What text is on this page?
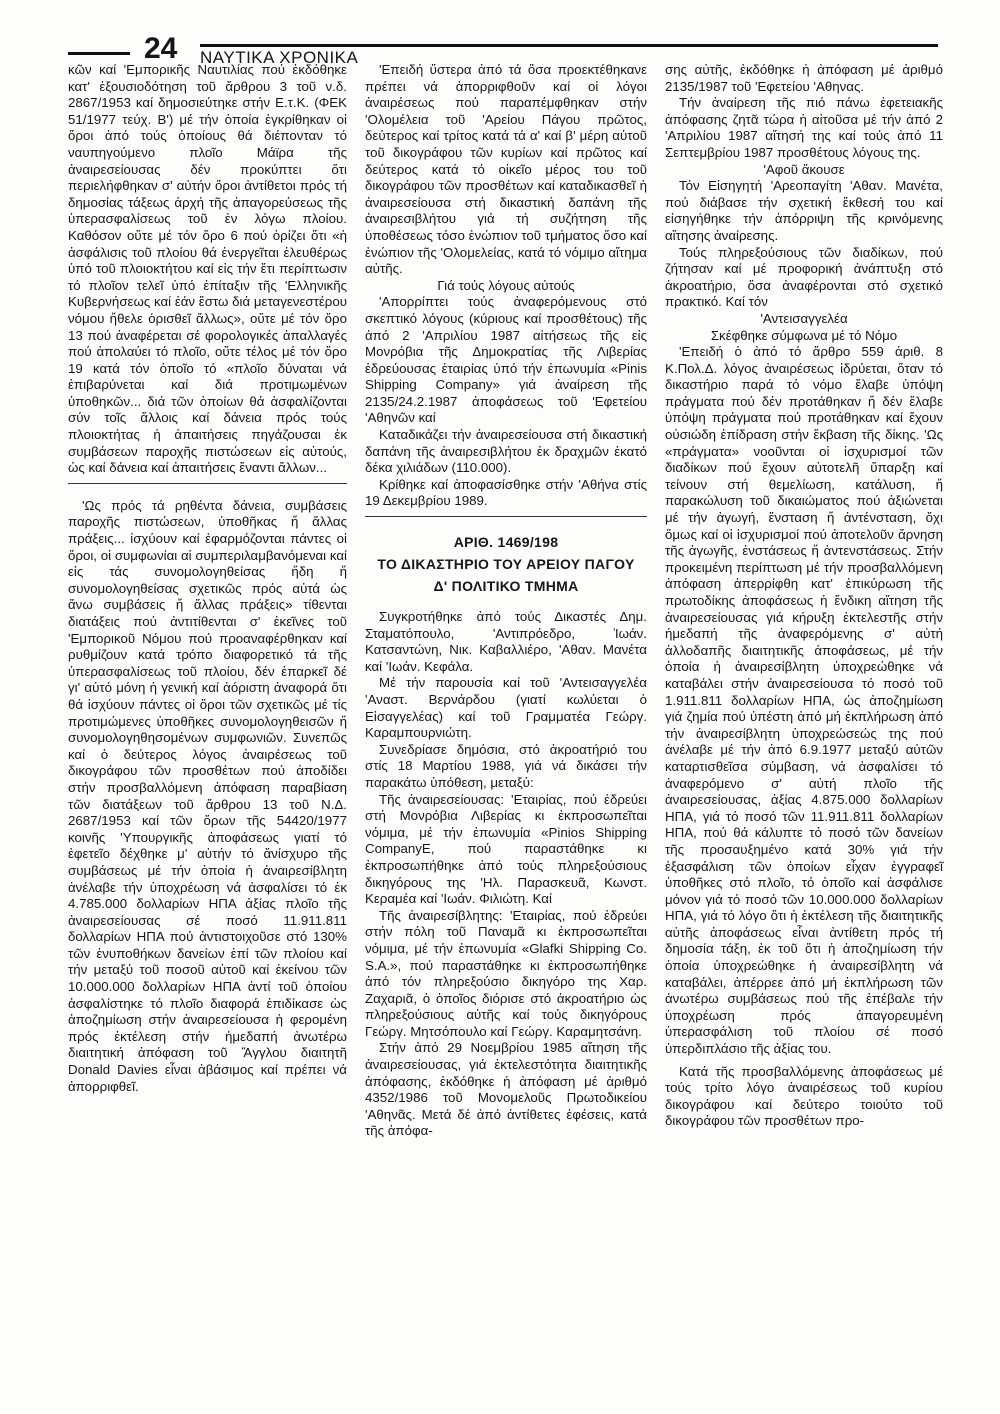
24 ΝΑΥΤΙΚΑ ΧΡΟΝΙΚΑ

κῶν καί 'Εμπορικῆς Ναυτιλίας πού ἐκδόθηκε κατ' ἐξουσιοδότηση τοῦ ἄρθρου 3 τοῦ ν.δ. 2867/1953 καί δημοσιεύτηκε στήν Ε.τ.Κ. (ΦΕΚ 51/1977 τεύχ. Β') μέ τήν ὁποία ἐγκρίθηκαν οἱ ὅροι ἀπό τούς ὁποίους θά διέπονταν τό ναυπηγούμενο πλοῖο Μάϊρα τῆς ἀναιρεσείουσας δέν προκύπτει ὅτι περιελήφθηκαν σ' αὐτήν ὅροι ἀντίθετοι πρός τή δημοσίας τάξεως ἀρχή τῆς ἀπαγορεύσεως τῆς ὑπερασφαλίσεως τοῦ ἐν λόγω πλοίου. Καθόσον οὔτε μέ τόν ὅρο 6 πού ὁρίζει ὅτι «ἡ ἀσφάλισις τοῦ πλοίου θά ἐνεργεῖται ἐλευθέρως ὑπό τοῦ πλοιοκτήτου καί εἰς τήν ἔτι περίπτωσιν τό πλοῖον τελεῖ ὑπό ἐπίταξιν τῆς 'Ελληνικῆς Κυβερνήσεως καί ἐάν ἔστω διά μεταγενεστέρου νόμου ἤθελε ὁρισθεῖ ἄλλως», οὔτε μέ τόν ὅρο 13 πού ἀναφέρεται σέ φορολογικές ἀπαλλαγές πού ἀπολαύει τό πλοῖο, οὔτε τέλος μέ τόν ὅρο 19 κατά τόν ὁποῖο τό «πλοῖο δύναται νά ἐπιβαρύνεται καί διά προτιμωμένων ὑποθηκῶν... διά τῶν ὁποίων θά ἀσφαλίζονται σύν τοῖς ἄλλοις καί δάνεια πρός τούς πλοιοκτήτας ἡ ἀπαιτήσεις πηγάζουσαι ἐκ συμβάσεων παροχῆς πιστώσεων εἰς αὐτούς, ὡς καί δάνεια καί ἀπαιτήσεις ἔναντι ἄλλων...

'Ως πρός τά ρηθέντα δάνεια, συμβάσεις παροχῆς πιστώσεων, ὑποθῆκας ἤ ἄλλας πράξεις... ἰσχύουν καί ἐφαρμόζονται πάντες οἱ ὅροι, οἱ συμφωνίαι αἱ συμπεριλαμβανόμεναι καί εἰς τάς συνομολογηθείσας ἤδη ἤ συνομολογηθείσας σχετικῶς πρός αὐτά ὡς ἄνω συμβάσεις ἤ ἄλλας πράξεις» τίθενται διατάξεις πού ἀντιτίθενται σ' ἐκεῖνες τοῦ 'Εμπορικοῦ Νόμου πού προαναφέρθηκαν καί ρυθμίζουν κατά τρόπο διαφορετικό τά τῆς ὑπερασφαλίσεως τοῦ πλοίου, δέν ἐπαρκεῖ δέ γι' αὐτό μόνη ἡ γενική καί ἀόριστη ἀναφορά ὅτι θά ἰσχύουν πάντες οἱ ὅροι τῶν σχετικῶς μέ τίς προτιμώμενες ὑποθῆκες συνομολογηθεισῶν ἤ συνομολογηθησομένων συμφωνιῶν. Συνεπῶς καί ὁ δεύτερος λόγος ἀναιρέσεως τοῦ δικογράφου τῶν προσθέτων πού ἀποδίδει στήν προσβαλλόμενη ἀπόφαση παραβίαση τῶν διατάξεων τοῦ ἄρθρου 13 τοῦ Ν.Δ. 2687/1953 καί τῶν ὅρων τῆς 54420/1977 κοινῆς 'Υπουργικῆς ἀποφάσεως γιατί τό ἐφετεῖο δέχθηκε μ' αὐτήν τό ἄνίσχυρο τῆς συμβάσεως μέ τήν ὁποία ἡ ἀναιρεσίβλητη ἀνέλαβε τήν ὑποχρέωση νά ἀσφαλίσει τό ἐκ 4.785.000 δολλαρίων ΗΠΑ ἀξίας πλοῖο τῆς ἀναιρεσείουσας σέ ποσό 11.911.811 δολλαρίων ΗΠΑ πού ἀντιστοιχοῦσε στό 130% τῶν ἐνυποθήκων δανείων ἐπί τῶν πλοίου καί τήν μεταξύ τοῦ ποσοῦ αὐτοῦ καί ἐκείνου τῶν 10.000.000 δολλαρίων ΗΠΑ ἀντί τοῦ ὁποίου ἀσφαλίστηκε τό πλοῖο διαφορά ἐπιδίκασε ὡς ἀποζημίωση στήν ἀναιρεσείουσα ἡ φερομένη πρός ἐκτέλεση στήν ἡμεδαπή ἀνωτέρω διαιτητική ἀπόφαση τοῦ Ἄγγλου διαιτητῆ Donald Davies εἶναι ἀβάσιμος καί πρέπει νά ἀπορριφθεῖ.

'Επειδή ὕστερα ἀπό τά ὅσα προεκτέθηκανε πρέπει νά ἀπορριφθοῦν καί οἱ λόγοι ἀναιρέσεως πού παραπέμφθηκαν στήν 'Ολομέλεια τοῦ 'Αρείου Πάγου πρῶτος, δεύτερος καί τρίτος κατά τά α' καί β' μέρη αὐτοῦ τοῦ δικογράφου τῶν κυρίων καί πρῶτος καί δεύτερος κατά τό οἰκεῖο μέρος του τοῦ δικογράφου τῶν προσθέτων καί καταδικασθεῖ ἡ ἀναιρεσείουσα στή δικαστική δαπάνη τῆς ἀναιρεσιβλήτου γιά τή συζήτηση τῆς ὑποθέσεως τόσο ἐνώπιον τοῦ τμήματος ὅσο καί ἐνώπιον τῆς 'Ολομελείας, κατά τό νόμιμο αἴτημα αὐτῆς.

Γιά τούς λόγους αὐτούς

'Απορρίπτει τούς ἀναφερόμενους στό σκεπτικό λόγους (κύριους καί προσθέτους) τῆς ἀπό 2 'Απριλίου 1987 αἰτήσεως τῆς εἰς Μονρόβια τῆς Δημοκρατίας τῆς Λιβερίας ἑδρεύουσας ἑταιρίας ὑπό τήν ἐπωνυμία «Pinis Shipping Company» γιά ἀναίρεση τῆς 2135/24.2.1987 ἀποφάσεως τοῦ 'Εφετείου 'Αθηνῶν καί

Καταδικάζει τήν ἀναιρεσείουσα στή δικαστική δαπάνη τῆς ἀναιρεσιβλήτου ἐκ δραχμῶν ἑκατό δέκα χιλιάδων (110.000).

Κρίθηκε καί ἀποφασίσθηκε στήν 'Αθήνα στίς 19 Δεκεμβρίου 1989.

ΑΡΙΘ. 1469/198
ΤΟ ΔΙΚΑΣΤΗΡΙΟ ΤΟΥ ΑΡΕΙΟΥ ΠΑΓΟΥ
Δ' ΠΟΛΙΤΙΚΟ ΤΜΗΜΑ

Συγκροτήθηκε ἀπό τούς Δικαστές Δημ. Σταματόπουλο, 'Αντιπρόεδρο, Ἰωάν. Κατσαντώνη, Νικ. Καβαλλιέρο, 'Αθαν. Μανέτα καί 'Ιωάν. Κεφάλα.

Μέ τήν παρουσία καί τοῦ 'Αντεισαγγελέα 'Αναστ. Βερνάρδου (γιατί κωλύεται ὁ Εἰσαγγελέας) καί τοῦ Γραμματέα Γεώργ. Καραμπουρνιώτη.

Συνεδρίασε δημόσια, στό ἀκροατήριό του στίς 18 Μαρτίου 1988, γιά νά δικάσει τήν παρακάτω ὑπόθεση, μεταξύ:

Τῆς ἀναιρεσείουσας: 'Εταιρίας, πού ἑδρεύει στή Μονρόβια Λιβερίας κι ἐκπροσωπεῖται νόμιμα, μέ τήν ἐπωνυμία «Pinios Shipping CompanyΕ, πού παραστάθηκε κι ἐκπροσωπήθηκε ἀπό τούς πληρεξούσιους δικηγόρους της 'Ηλ. Παρασκευᾶ, Κωνστ. Κεραμέα καί 'Ιωάν. Φιλιώτη. Καί

Τῆς ἀναιρεσίβλητης: 'Εταιρίας, πού ἑδρεύει στήν πόλη τοῦ Παναμᾶ κι ἐκπροσωπεῖται νόμιμα, μέ τήν ἐπωνυμία «Glafki Shipping Co. S.A.», πού παραστάθηκε κι ἐκπροσωπήθηκε ἀπό τόν πληρεξούσιο δικηγόρο της Χαρ. Ζαχαριᾶ, ὁ ὁποῖος διόρισε στό ἀκροατήριο ὡς πληρεξούσιους αὐτῆς καί τούς δικηγόρους Γεώργ. Μητσόπουλο καί Γεώργ. Καραμητσάνη.

Στήν ἀπό 29 Νοεμβρίου 1985 αἴτηση τῆς ἀναιρεσείουσας, γιά ἐκτελεστότητα διαιτητικῆς ἀπόφασης, ἐκδόθηκε ἡ ἀπόφαση μέ ἀριθμό 4352/1986 τοῦ Μονομελοῦς Πρωτοδικείου 'Αθηνᾶς. Μετά δέ ἀπό ἀντίθετες ἐφέσεις, κατά τῆς ἀπόφα-

σης αὐτῆς, ἐκδόθηκε ἡ ἀπόφαση μέ ἀριθμό 2135/1987 τοῦ 'Εφετείου 'Αθηνας.

Τήν ἀναίρεση τῆς πιό πάνω ἐφετειακῆς ἀπόφασης ζητᾶ τώρα ἡ αἰτοῦσα μέ τήν ἀπό 2 'Απριλίου 1987 αἴτησή της καί τούς ἀπό 11 Σεπτεμβρίου 1987 προσθέτους λόγους της.

'Αφοῦ ἄκουσε

Τόν Εἰσηγητή 'Αρεοπαγίτη 'Αθαν. Μανέτα, πού διάβασε τήν σχετική ἔκθεσή του καί εἰσηγήθηκε τήν ἀπόρριψη τῆς κρινόμενης αἴτησης ἀναίρεσης.

Τούς πληρεξούσιους τῶν διαδίκων, πού ζήτησαν καί μέ προφορική ἀνάπτυξη στό ἀκροατήριο, ὅσα ἀναφέρονται στό σχετικό πρακτικό. Καί τόν

'Αντεισαγγελέα

Σκέφθηκε σύμφωνα μέ τό Νόμο

'Επειδή ὁ ἀπό τό ἄρθρο 559 ἀριθ. 8 Κ.Πολ.Δ. λόγος ἀναιρέσεως ἱδρύεται, ὅταν τό δικαστήριο παρά τό νόμο ἔλαβε ὑπόψη πράγματα πού δέν προτάθηκαν ἤ δέν ἔλαβε ὑπόψη πράγματα πού προτάθηκαν καί ἔχουν οὐσιώδη ἐπίδραση στήν ἔκβαση τῆς δίκης. 'Ως «πράγματα» νοοῦνται οἱ ἰσχυρισμοί τῶν διαδίκων πού ἔχουν αὐτοτελῆ ὕπαρξη καί τείνουν στή θεμελίωση, κατάλυση, ἤ παρακώλυση τοῦ δικαιώματος πού ἀξιώνεται μέ τήν ἀγωγή, ἔνσταση ἤ ἀντένσταση, ὄχι ὅμως καί οἱ ἰσχυρισμοί πού ἀποτελοῦν ἄρνηση τῆς ἀγωγῆς, ἐνστάσεως ἤ ἀντενστάσεως. Στήν προκειμένη περίπτωση μέ τήν προσβαλλόμενη ἀπόφαση ἀπερρίφθη κατ' ἐπικύρωση τῆς πρωτοδίκης ἀποφάσεως ἡ ἔνδικη αἴτηση τῆς ἀναιρεσείουσας γιά κήρυξη ἐκτελεστῆς στήν ἡμεδαπή τῆς ἀναφερόμενης σ' αὐτή ἀλλοδαπῆς διαιτητικῆς ἀποφάσεως, μέ τήν ὁποία ἡ ἀναιρεσίβλητη ὑποχρεώθηκε νά καταβάλει στήν ἀναιρεσείουσα τό ποσό τοῦ 1.911.811 δολλαρίων ΗΠΑ, ὡς ἀποζημίωση γιά ζημία πού ὑπέστη ἀπό μή ἐκπλήρωση ἀπό τήν ἀναιρεσίβλητη ὑποχρεώσεώς της πού ἀνέλαβε μέ τήν ἀπό 6.9.1977 μεταξύ αὐτῶν καταρτισθεῖσα σύμβαση, νά ἀσφαλίσει τό ἀναφερόμενο σ' αὐτή πλοῖο τῆς ἀναιρεσείουσας, ἀξίας 4.875.000 δολλαρίων ΗΠΑ, γιά τό ποσό τῶν 11.911.811 δολλαρίων ΗΠΑ, πού θά κάλυπτε τό ποσό τῶν δανείων τῆς προσαυξημένο κατά 30% γιά τήν ἐξασφάλιση τῶν ὁποίων εἶχαν ἐγγραφεῖ ὑποθῆκες στό πλοῖο, τό ὁποῖο καί ἀσφάλισε μόνον γιά τό ποσό τῶν 10.000.000 δολλαρίων ΗΠΑ, γιά τό λόγο ὅτι ἡ ἐκτέλεση τῆς διαιτητικῆς αὐτῆς ἀποφάσεως εἶναι ἀντίθετη πρός τή δημοσία τάξη, ἐκ τοῦ ὅτι ἡ ἀποζημίωση τήν ὁποία ὑποχρεώθηκε ἡ ἀναιρεσίβλητη νά καταβάλει, ἀπέρρεε ἀπό μή ἐκπλήρωση τῶν ἀνωτέρω συμβάσεως πού τῆς ἐπέβαλε τήν ὑποχρέωση πρός ἀπαγορευμένη ὑπερασφάλιση τοῦ πλοίου σέ ποσό ὑπερδιπλάσιο τῆς ἀξίας του.

Κατά τῆς προσβαλλόμενης ἀποφάσεως μέ τούς τρίτο λόγο ἀναιρέσεως τοῦ κυρίου δικογράφου καί δεύτερο τοιούτο τοῦ δικογράφου τῶν προσθέτων προ-
